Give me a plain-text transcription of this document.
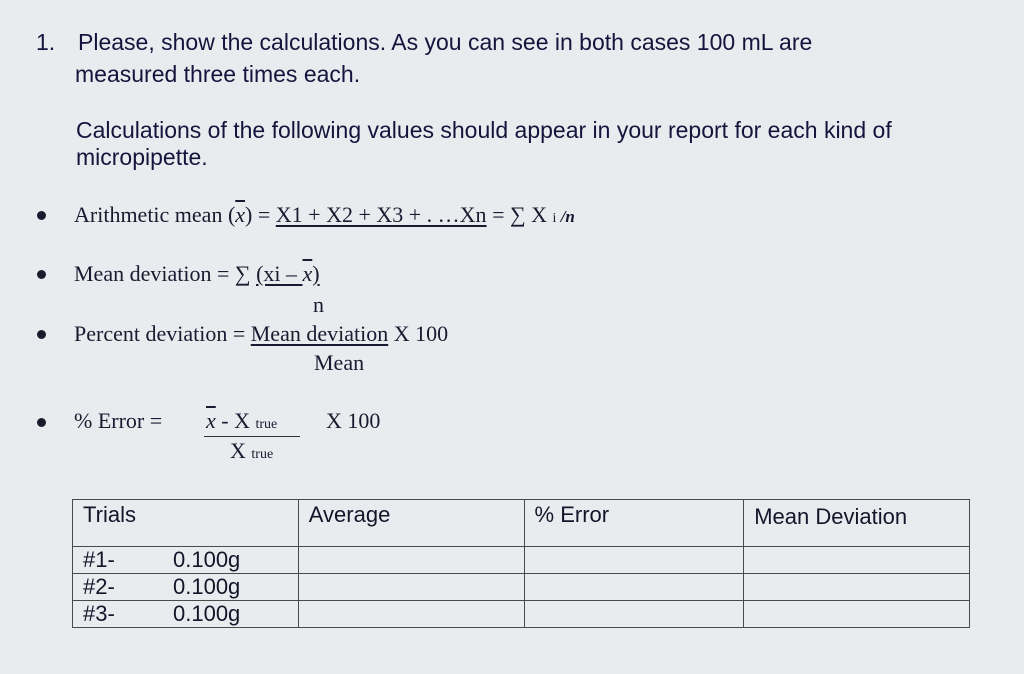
1. Please, show the calculations. As you can see in both cases 100 mL are
measured three times each.
Calculations of the following values should appear in your report for each kind of
micropipette.
Arithmetic mean $(\overline{x}) = X1 + X2 + X3$ + . …Xn = ∑ X i /n
Mean deviation = ∑ $(xi - \overline{x})$
n
Percent deviation = Mean deviation X 100
Mean
% Error = $\overline{x}$ - X true X 100
X true
Trials	Average	% Error	Mean Deviation
#1- 0.100g			
#2- 0.100g			
#3- 0.100g			
